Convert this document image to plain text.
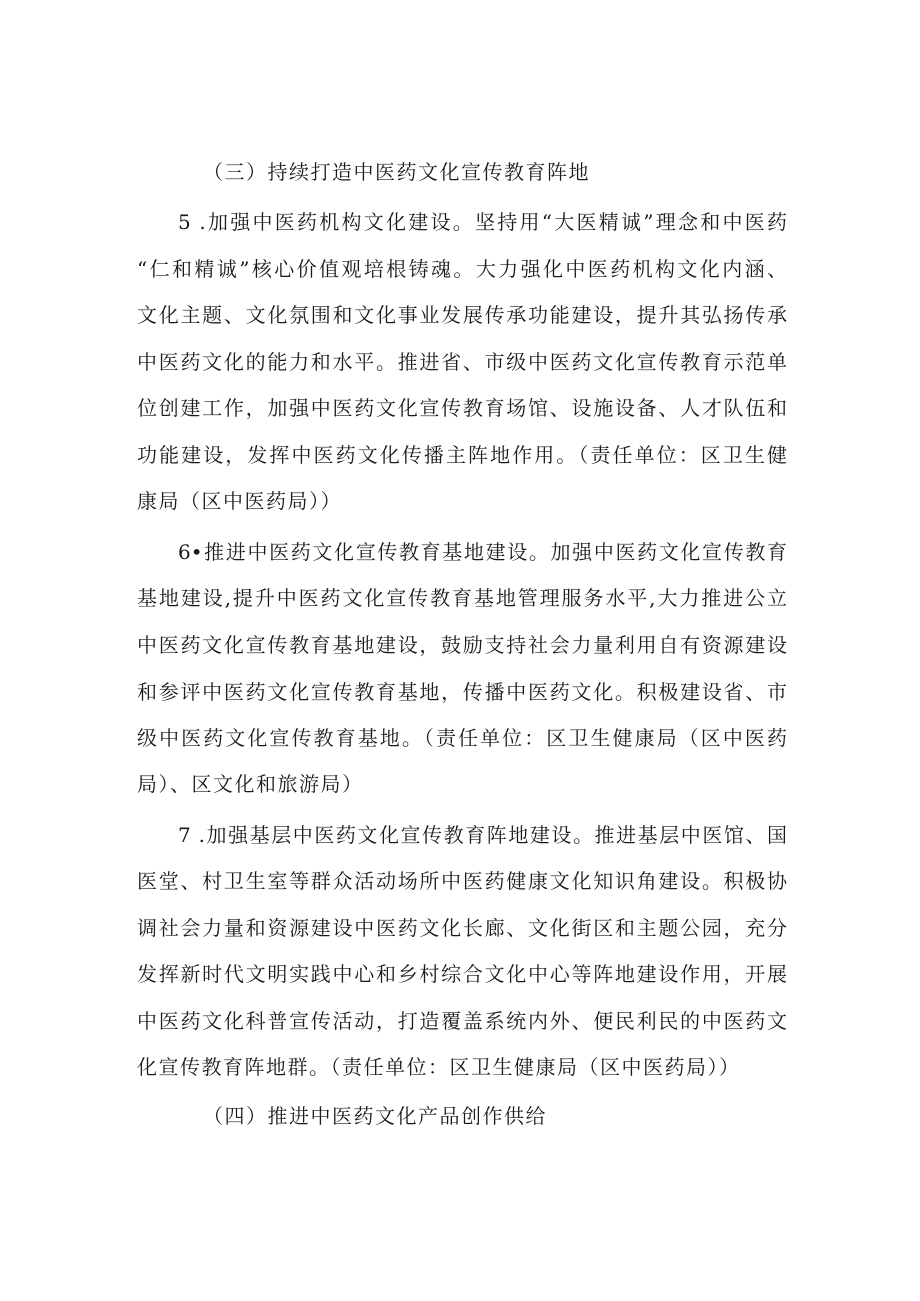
（三）持续打造中医药文化宣传教育阵地
5 .加强中医药机构文化建设。坚持用“大医精诚”理念和中医药
“仁和精诚”核心价值观培根铸魂。大力强化中医药机构文化内涵、
文化主题、文化氛围和文化事业发展传承功能建设，提升其弘扬传承
中医药文化的能力和水平。推进省、市级中医药文化宣传教育示范单
位创建工作，加强中医药文化宣传教育场馆、设施设备、人才队伍和
功能建设，发挥中医药文化传播主阵地作用。（责任单位：区卫生健
康局（区中医药局））
6•推进中医药文化宣传教育基地建设。加强中医药文化宣传教育
基地建设,提升中医药文化宣传教育基地管理服务水平,大力推进公立
中医药文化宣传教育基地建设，鼓励支持社会力量利用自有资源建设
和参评中医药文化宣传教育基地，传播中医药文化。积极建设省、市
级中医药文化宣传教育基地。（责任单位：区卫生健康局（区中医药
局）、区文化和旅游局）
7 .加强基层中医药文化宣传教育阵地建设。推进基层中医馆、国
医堂、村卫生室等群众活动场所中医药健康文化知识角建设。积极协
调社会力量和资源建设中医药文化长廊、文化街区和主题公园，充分
发挥新时代文明实践中心和乡村综合文化中心等阵地建设作用，开展
中医药文化科普宣传活动，打造覆盖系统内外、便民利民的中医药文
化宣传教育阵地群。（责任单位：区卫生健康局（区中医药局））
（四）推进中医药文化产品创作供给
